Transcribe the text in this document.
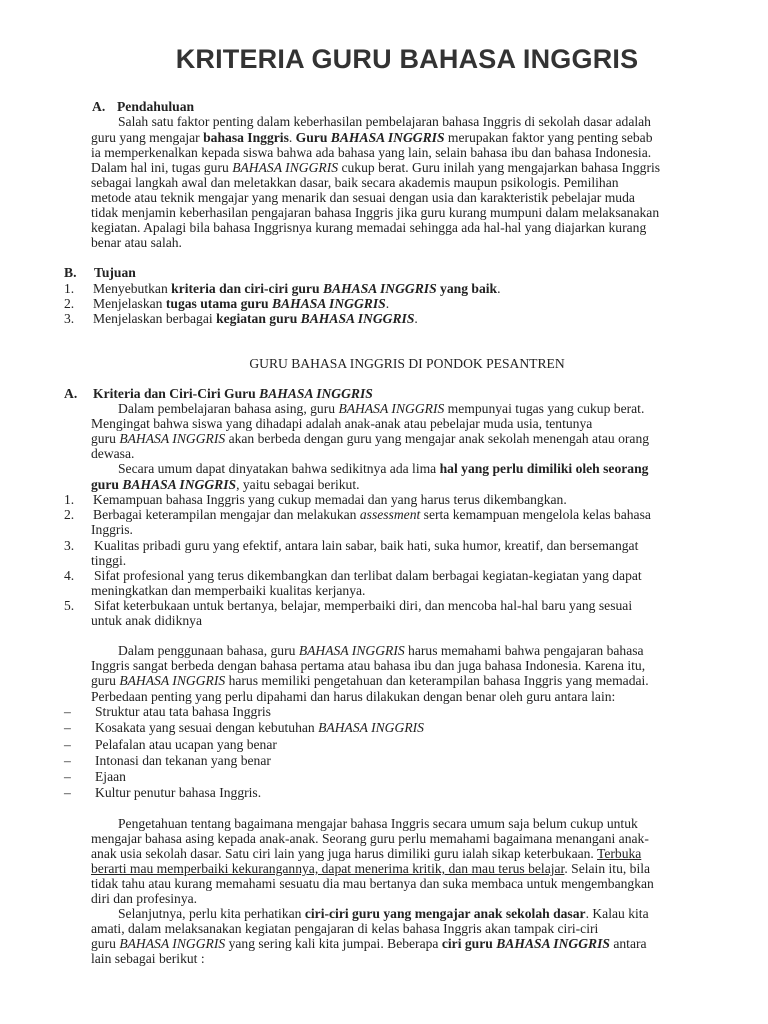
KRITERIA GURU BAHASA INGGRIS
A. Pendahuluan
Salah satu faktor penting dalam keberhasilan pembelajaran bahasa Inggris di sekolah dasar adalah
guru yang mengajar bahasa Inggris. Guru BAHASA INGGRIS merupakan faktor yang penting sebab
ia memperkenalkan kepada siswa bahwa ada bahasa yang lain, selain bahasa ibu dan bahasa Indonesia.
Dalam hal ini, tugas guru BAHASA INGGRIS cukup berat. Guru inilah yang mengajarkan bahasa Inggris
sebagai langkah awal dan meletakkan dasar, baik secara akademis maupun psikologis. Pemilihan
metode atau teknik mengajar yang menarik dan sesuai dengan usia dan karakteristik pebelajar muda
tidak menjamin keberhasilan pengajaran bahasa Inggris jika guru kurang mumpuni dalam melaksanakan
kegiatan. Apalagi bila bahasa Inggrisnya kurang memadai sehingga ada hal-hal yang diajarkan kurang
benar atau salah.
B. Tujuan
1. Menyebutkan kriteria dan ciri-ciri guru BAHASA INGGRIS yang baik.
2. Menjelaskan tugas utama guru BAHASA INGGRIS.
3. Menjelaskan berbagai kegiatan guru BAHASA INGGRIS.
GURU BAHASA INGGRIS DI PONDOK PESANTREN
A. Kriteria dan Ciri-Ciri Guru BAHASA INGGRIS
Dalam pembelajaran bahasa asing, guru BAHASA INGGRIS mempunyai tugas yang cukup berat.
Mengingat bahwa siswa yang dihadapi adalah anak-anak atau pebelajar muda usia, tentunya
guru BAHASA INGGRIS akan berbeda dengan guru yang mengajar anak sekolah menengah atau orang
dewasa.
Secara umum dapat dinyatakan bahwa sedikitnya ada lima hal yang perlu dimiliki oleh seorang
guru BAHASA INGGRIS, yaitu sebagai berikut.
1. Kemampuan bahasa Inggris yang cukup memadai dan yang harus terus dikembangkan.
2. Berbagai keterampilan mengajar dan melakukan assessment serta kemampuan mengelola kelas bahasa
Inggris.
3. Kualitas pribadi guru yang efektif, antara lain sabar, baik hati, suka humor, kreatif, dan bersemangat
tinggi.
4. Sifat profesional yang terus dikembangkan dan terlibat dalam berbagai kegiatan-kegiatan yang dapat
meningkatkan dan memperbaiki kualitas kerjanya.
5. Sifat keterbukaan untuk bertanya, belajar, memperbaiki diri, dan mencoba hal-hal baru yang sesuai
untuk anak didiknya
Dalam penggunaan bahasa, guru BAHASA INGGRIS harus memahami bahwa pengajaran bahasa
Inggris sangat berbeda dengan bahasa pertama atau bahasa ibu dan juga bahasa Indonesia. Karena itu,
guru BAHASA INGGRIS harus memiliki pengetahuan dan keterampilan bahasa Inggris yang memadai.
Perbedaan penting yang perlu dipahami dan harus dilakukan dengan benar oleh guru antara lain:
– Struktur atau tata bahasa Inggris
– Kosakata yang sesuai dengan kebutuhan BAHASA INGGRIS
– Pelafalan atau ucapan yang benar
– Intonasi dan tekanan yang benar
– Ejaan
– Kultur penutur bahasa Inggris.
Pengetahuan tentang bagaimana mengajar bahasa Inggris secara umum saja belum cukup untuk
mengajar bahasa asing kepada anak-anak. Seorang guru perlu memahami bagaimana menangani anak-
anak usia sekolah dasar. Satu ciri lain yang juga harus dimiliki guru ialah sikap keterbukaan. Terbuka
berarti mau memperbaiki kekurangannya, dapat menerima kritik, dan mau terus belajar. Selain itu, bila
tidak tahu atau kurang memahami sesuatu dia mau bertanya dan suka membaca untuk mengembangkan
diri dan profesinya.
Selanjutnya, perlu kita perhatikan ciri-ciri guru yang mengajar anak sekolah dasar. Kalau kita
amati, dalam melaksanakan kegiatan pengajaran di kelas bahasa Inggris akan tampak ciri-ciri
guru BAHASA INGGRIS yang sering kali kita jumpai. Beberapa ciri guru BAHASA INGGRIS antara
lain sebagai berikut :
